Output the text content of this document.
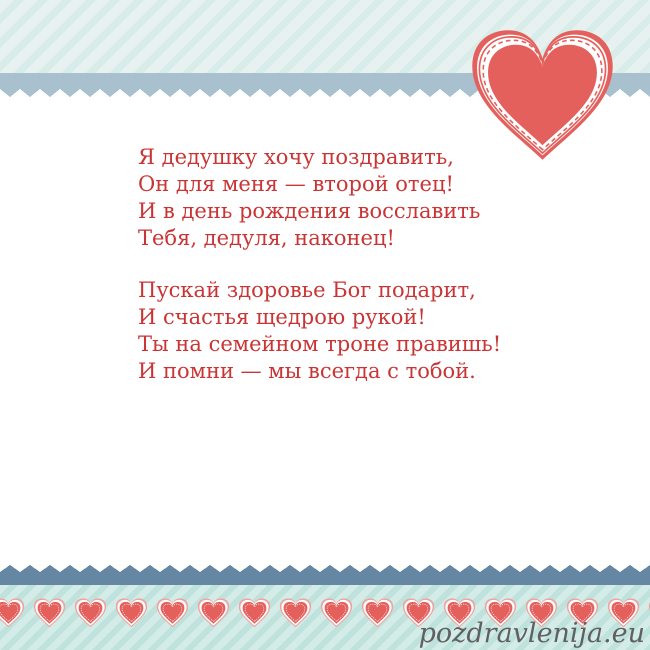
Я дедушку хочу поздравить,
Он для меня — второй отец!
И в день рождения восславить
Тебя, дедуля, наконец!
Пускай здоровье Бог подарит,
И счастья щедрою рукой!
Ты на семейном троне правишь!
И помни — мы всегда с тобой.
pozdravlenija.eu
